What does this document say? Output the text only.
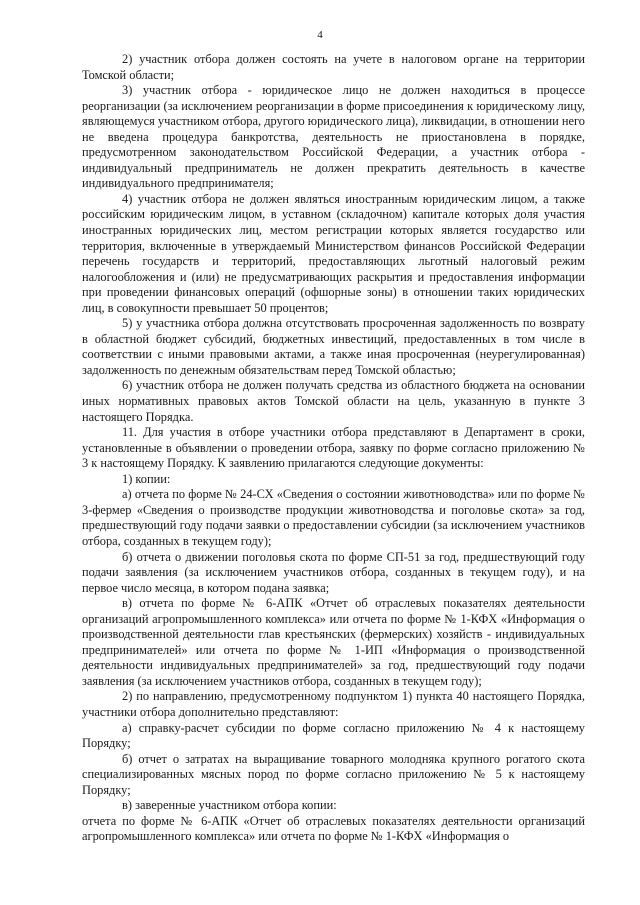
4

2) участник отбора должен состоять на учете в налоговом органе на территории Томской области;

3) участник отбора - юридическое лицо не должен находиться в процессе реорганизации (за исключением реорганизации в форме присоединения к юридическому лицу, являющемуся участником отбора, другого юридического лица), ликвидации, в отношении него не введена процедура банкротства, деятельность не приостановлена в порядке, предусмотренном законодательством Российской Федерации, а участник отбора - индивидуальный предприниматель не должен прекратить деятельность в качестве индивидуального предпринимателя;

4) участник отбора не должен являться иностранным юридическим лицом, а также российским юридическим лицом, в уставном (складочном) капитале которых доля участия иностранных юридических лиц, местом регистрации которых является государство или территория, включенные в утверждаемый Министерством финансов Российской Федерации перечень государств и территорий, предоставляющих льготный налоговый режим налогообложения и (или) не предусматривающих раскрытия и предоставления информации при проведении финансовых операций (офшорные зоны) в отношении таких юридических лиц, в совокупности превышает 50 процентов;

5) у участника отбора должна отсутствовать просроченная задолженность по возврату в областной бюджет субсидий, бюджетных инвестиций, предоставленных в том числе в соответствии с иными правовыми актами, а также иная просроченная (неурегулированная) задолженность по денежным обязательствам перед Томской областью;

6) участник отбора не должен получать средства из областного бюджета на основании иных нормативных правовых актов Томской области на цель, указанную в пункте 3 настоящего Порядка.

11. Для участия в отборе участники отбора представляют в Департамент в сроки, установленные в объявлении о проведении отбора, заявку по форме согласно приложению № 3 к настоящему Порядку. К заявлению прилагаются следующие документы:

1) копии:

а) отчета по форме № 24-СХ «Сведения о состоянии животноводства» или по форме № 3-фермер «Сведения о производстве продукции животноводства и поголовье скота» за год, предшествующий году подачи заявки о предоставлении субсидии (за исключением участников отбора, созданных в текущем году);

б) отчета о движении поголовья скота по форме СП-51 за год, предшествующий году подачи заявления (за исключением участников отбора, созданных в текущем году), и на первое число месяца, в котором подана заявка;

в) отчета по форме № 6-АПК «Отчет об отраслевых показателях деятельности организаций агропромышленного комплекса» или отчета по форме № 1-КФХ «Информация о производственной деятельности глав крестьянских (фермерских) хозяйств - индивидуальных предпринимателей» или отчета по форме № 1-ИП «Информация о производственной деятельности индивидуальных предпринимателей» за год, предшествующий году подачи заявления (за исключением участников отбора, созданных в текущем году);

2) по направлению, предусмотренному подпунктом 1) пункта 40 настоящего Порядка, участники отбора дополнительно представляют:

а) справку-расчет субсидии по форме согласно приложению № 4 к настоящему Порядку;

б) отчет о затратах на выращивание товарного молодняка крупного рогатого скота специализированных мясных пород по форме согласно приложению № 5 к настоящему Порядку;

в) заверенные участником отбора копии:

отчета по форме № 6-АПК «Отчет об отраслевых показателях деятельности организаций агропромышленного комплекса» или отчета по форме № 1-КФХ «Информация о
